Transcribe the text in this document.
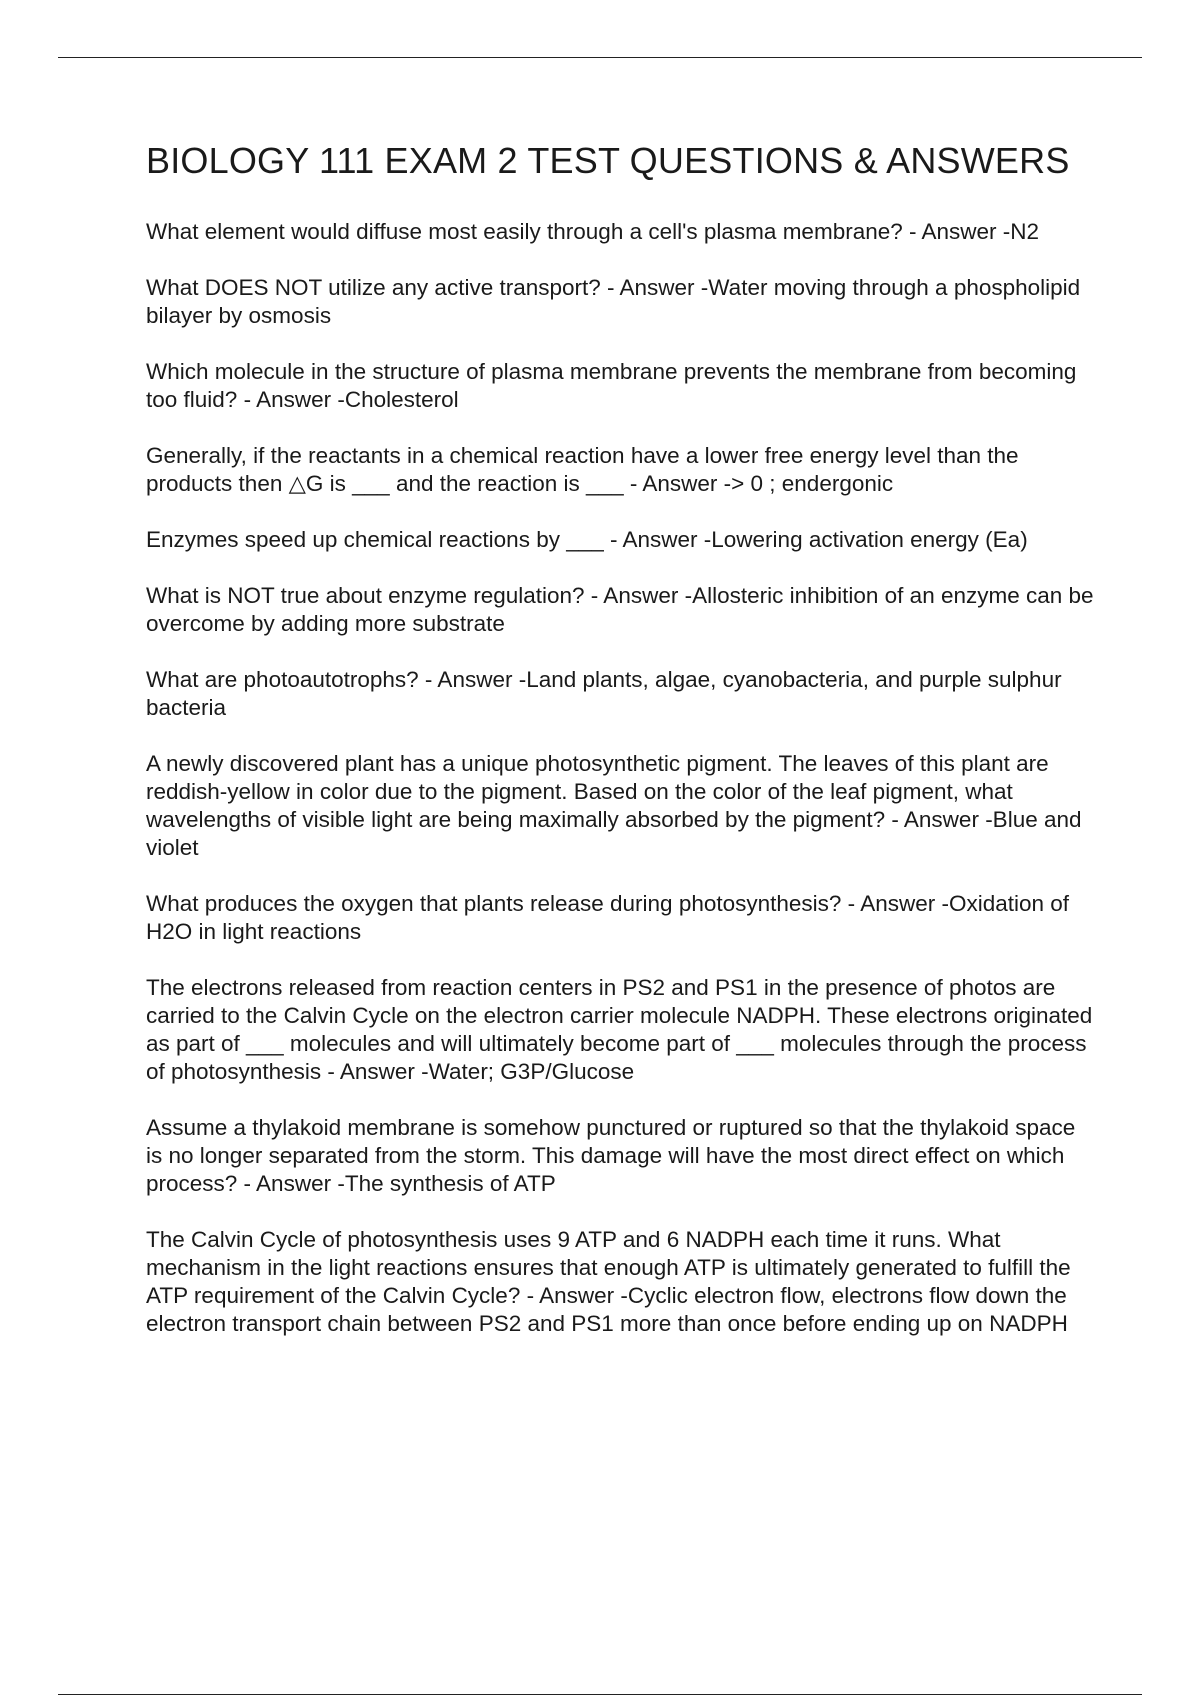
BIOLOGY 111 EXAM 2 TEST QUESTIONS & ANSWERS

What element would diffuse most easily through a cell's plasma membrane? - Answer -N2

What DOES NOT utilize any active transport? - Answer -Water moving through a phospholipid bilayer by osmosis

Which molecule in the structure of plasma membrane prevents the membrane from becoming too fluid? - Answer -Cholesterol

Generally, if the reactants in a chemical reaction have a lower free energy level than the products then △G is ___ and the reaction is ___ - Answer -> 0 ; endergonic

Enzymes speed up chemical reactions by ___ - Answer -Lowering activation energy (Ea)

What is NOT true about enzyme regulation? - Answer -Allosteric inhibition of an enzyme can be overcome by adding more substrate

What are photoautotrophs? - Answer -Land plants, algae, cyanobacteria, and purple sulphur bacteria

A newly discovered plant has a unique photosynthetic pigment. The leaves of this plant are reddish-yellow in color due to the pigment. Based on the color of the leaf pigment, what wavelengths of visible light are being maximally absorbed by the pigment? - Answer -Blue and violet

What produces the oxygen that plants release during photosynthesis? - Answer -Oxidation of H2O in light reactions

The electrons released from reaction centers in PS2 and PS1 in the presence of photos are carried to the Calvin Cycle on the electron carrier molecule NADPH. These electrons originated as part of ___ molecules and will ultimately become part of ___ molecules through the process of photosynthesis - Answer -Water; G3P/Glucose

Assume a thylakoid membrane is somehow punctured or ruptured so that the thylakoid space is no longer separated from the storm. This damage will have the most direct effect on which process? - Answer -The synthesis of ATP

The Calvin Cycle of photosynthesis uses 9 ATP and 6 NADPH each time it runs. What mechanism in the light reactions ensures that enough ATP is ultimately generated to fulfill the ATP requirement of the Calvin Cycle? - Answer -Cyclic electron flow, electrons flow down the electron transport chain between PS2 and PS1 more than once before ending up on NADPH
